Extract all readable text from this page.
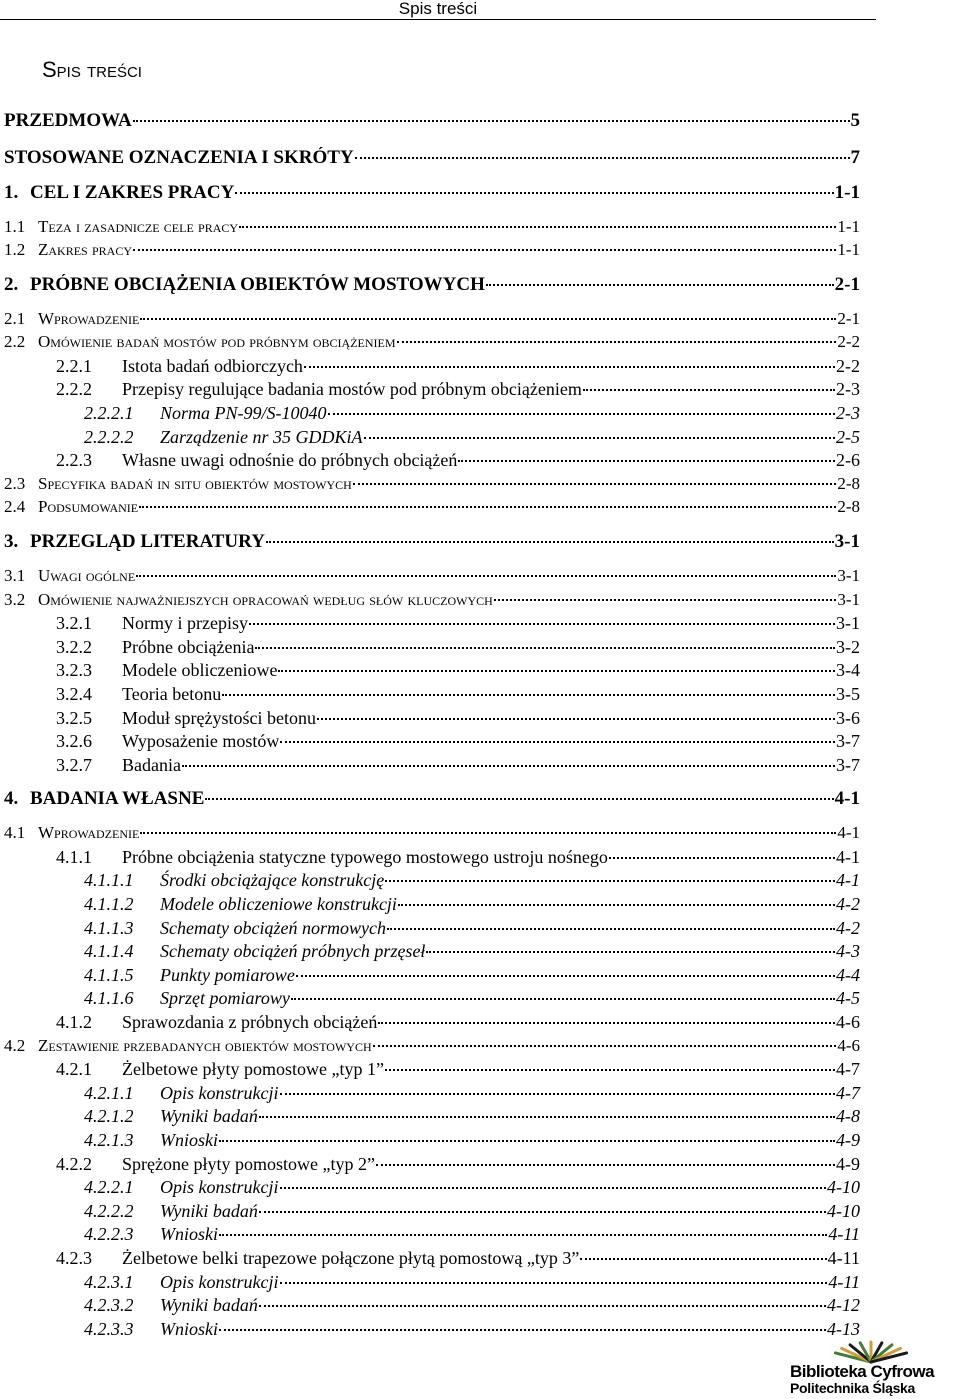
Spis treści
Spis treści
PRZEDMOWA	5
STOSOWANE OZNACZENIA I SKRÓTY	7
1. CEL I ZAKRES PRACY	1-1
1.1 Teza i zasadnicze cele pracy	1-1
1.2 Zakres pracy	1-1
2. PRÓBNE OBCIĄŻENIA OBIEKTÓW MOSTOWYCH	2-1
2.1 Wprowadzenie	2-1
2.2 Omówienie badań mostów pod próbnym obciążeniem	2-2
2.2.1	Istota badań odbiorczych	2-2
2.2.2	Przepisy regulujące badania mostów pod próbnym obciążeniem	2-3
2.2.2.1	Norma PN-99/S-10040	2-3
2.2.2.2	Zarządzenie nr 35 GDDKiA	2-5
2.2.3	Własne uwagi odnośnie do próbnych obciążeń	2-6
2.3 Specyfika badań in situ obiektów mostowych	2-8
2.4 Podsumowanie	2-8
3. PRZEGLĄD LITERATURY	3-1
3.1 Uwagi ogólne	3-1
3.2 Omówienie najważniejszych opracowań według słów kluczowych	3-1
3.2.1	Normy i przepisy	3-1
3.2.2	Próbne obciążenia	3-2
3.2.3	Modele obliczeniowe	3-4
3.2.4	Teoria betonu	3-5
3.2.5	Moduł sprężystości betonu	3-6
3.2.6	Wyposażenie mostów	3-7
3.2.7	Badania	3-7
4. BADANIA WŁASNE	4-1
4.1 Wprowadzenie	4-1
4.1.1	Próbne obciążenia statyczne typowego mostowego ustroju nośnego	4-1
4.1.1.1	Środki obciążające konstrukcję	4-1
4.1.1.2	Modele obliczeniowe konstrukcji	4-2
4.1.1.3	Schematy obciążeń normowych	4-2
4.1.1.4	Schematy obciążeń próbnych przęseł	4-3
4.1.1.5	Punkty pomiarowe	4-4
4.1.1.6	Sprzęt pomiarowy	4-5
4.1.2	Sprawozdania z próbnych obciążeń	4-6
4.2 Zestawienie przebadanych obiektów mostowych	4-6
4.2.1	Żelbetowe płyty pomostowe „typ 1”	4-7
4.2.1.1	Opis konstrukcji	4-7
4.2.1.2	Wyniki badań	4-8
4.2.1.3	Wnioski	4-9
4.2.2	Sprężone płyty pomostowe „typ 2”	4-9
4.2.2.1	Opis konstrukcji	4-10
4.2.2.2	Wyniki badań	4-10
4.2.2.3	Wnioski	4-11
4.2.3	Żelbetowe belki trapezowe połączone płytą pomostową „typ 3”	4-11
4.2.3.1	Opis konstrukcji	4-11
4.2.3.2	Wyniki badań	4-12
4.2.3.3	Wnioski	4-13
Biblioteka Cyfrowa
Politechnika Śląska
